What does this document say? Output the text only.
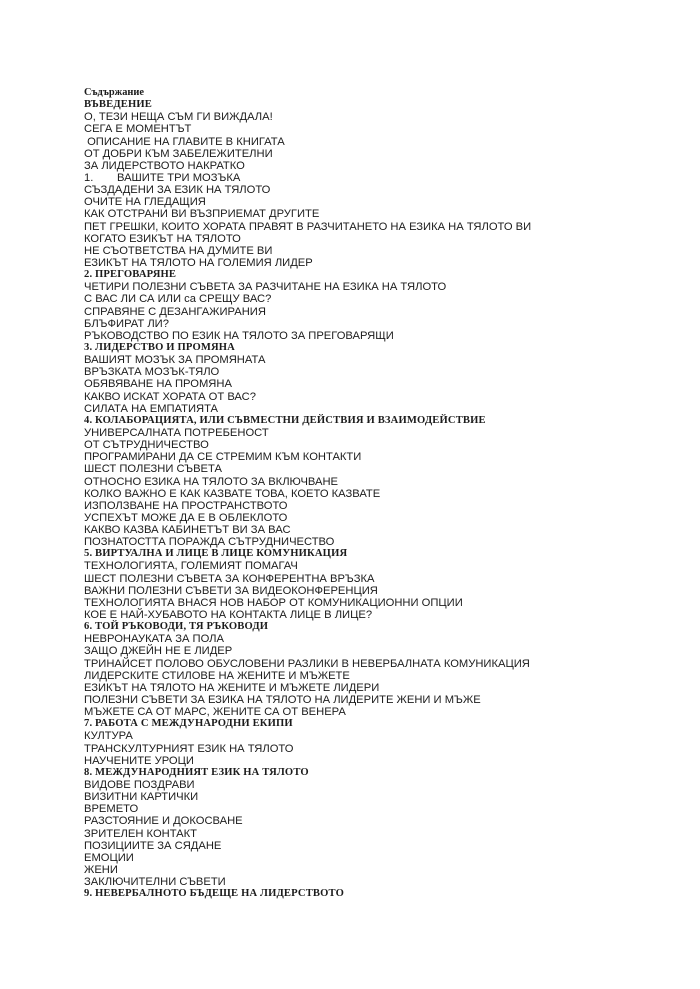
Съдържание
ВЪВЕДЕНИЕ
О, ТЕЗИ НЕЩА СЪМ ГИ ВИЖДАЛА!
СЕГА Е МОМЕНТЪТ
ОПИСАНИЕ НА ГЛАВИТЕ В КНИГАТА
ОТ ДОБРИ КЪМ ЗАБЕЛЕЖИТЕЛНИ
ЗА ЛИДЕРСТВОТО НАКРАТКО
1. ВАШИТЕ ТРИ МОЗЪКА
СЪЗДАДЕНИ ЗА ЕЗИК НА ТЯЛОТО
ОЧИТЕ НА ГЛЕДАЩИЯ
КАК ОТСТРАНИ ВИ ВЪЗПРИЕМАТ ДРУГИТЕ
ПЕТ ГРЕШКИ, КОИТО ХОРАТА ПРАВЯТ В РАЗЧИТАНЕТО НА ЕЗИКА НА ТЯЛОТО ВИ
КОГАТО ЕЗИКЪТ НА ТЯЛОТО
НЕ СЪОТВЕТСТВА НА ДУМИТЕ ВИ
ЕЗИКЪТ НА ТЯЛОТО НА ГОЛЕМИЯ ЛИДЕР
2. ПРЕГОВАРЯНЕ
ЧЕТИРИ ПОЛЕЗНИ СЪВЕТА ЗА РАЗЧИТАНЕ НА ЕЗИКА НА ТЯЛОТО
С ВАС ЛИ СА ИЛИ са СРЕЩУ ВАС?
СПРАВЯНЕ С ДЕЗАНГАЖИРАНИЯ
БЛЪФИРАТ ЛИ?
РЪКОВОДСТВО ПО ЕЗИК НА ТЯЛОТО ЗА ПРЕГОВАРЯЩИ
3. ЛИДЕРСТВО И ПРОМЯНА
ВАШИЯТ МОЗЪК ЗА ПРОМЯНАТА
ВРЪЗКАТА МОЗЪК-ТЯЛО
ОБЯВЯВАНЕ НА ПРОМЯНА
КАКВО ИСКАТ ХОРАТА ОТ ВАС?
СИЛАТА НА ЕМПАТИЯТА
4. КОЛАБОРАЦИЯТА, ИЛИ СЪВМЕСТНИ ДЕЙСТВИЯ И ВЗАИМОДЕЙСТВИЕ
УНИВЕРСАЛНАТА ПОТРЕБЕНОСТ
ОТ СЪТРУДНИЧЕСТВО
ПРОГРАМИРАНИ ДА СЕ СТРЕМИМ КЪМ КОНТАКТИ
ШЕСТ ПОЛЕЗНИ СЪВЕТА
ОТНОСНО ЕЗИКА НА ТЯЛОТО ЗА ВКЛЮЧВАНЕ
КОЛКО ВАЖНО Е КАК КАЗВАТЕ ТОВА, КОЕТО КАЗВАТЕ
ИЗПОЛЗВАНЕ НА ПРОСТРАНСТВОТО
УСПЕХЪТ МОЖЕ ДА Е В ОБЛЕКЛОТО
КАКВО КАЗВА КАБИНЕТЪТ ВИ ЗА ВАС
ПОЗНАТОСТТА ПОРАЖДА СЪТРУДНИЧЕСТВО
5. ВИРТУАЛНА И ЛИЦЕ В ЛИЦЕ КОМУНИКАЦИЯ
ТЕХНОЛОГИЯТА, ГОЛЕМИЯТ ПОМАГАЧ
ШЕСТ ПОЛЕЗНИ СЪВЕТА ЗА КОНФЕРЕНТНА ВРЪЗКА
ВАЖНИ ПОЛЕЗНИ СЪВЕТИ ЗА ВИДЕОКОНФЕРЕНЦИЯ
ТЕХНОЛОГИЯТА ВНАСЯ НОВ НАБОР ОТ КОМУНИКАЦИОННИ ОПЦИИ
КОЕ Е НАЙ-ХУБАВОТО НА КОНТАКТА ЛИЦЕ В ЛИЦЕ?
6. ТОЙ РЪКОВОДИ, ТЯ РЪКОВОДИ
НЕВРОНАУКАТА ЗА ПОЛА
ЗАЩО ДЖЕЙН НЕ Е ЛИДЕР
ТРИНАЙСЕТ ПОЛОВО ОБУСЛОВЕНИ РАЗЛИКИ В НЕВЕРБАЛНАТА КОМУНИКАЦИЯ
ЛИДЕРСКИТЕ СТИЛОВЕ НА ЖЕНИТЕ И МЪЖЕТЕ
ЕЗИКЪТ НА ТЯЛОТО НА ЖЕНИТЕ И МЪЖЕТЕ ЛИДЕРИ
ПОЛЕЗНИ СЪВЕТИ ЗА ЕЗИКА НА ТЯЛОТО НА ЛИДЕРИТЕ ЖЕНИ И МЪЖЕ
МЪЖЕТЕ СА ОТ МАРС, ЖЕНИТЕ СА ОТ ВЕНЕРА
7. РАБОТА С МЕЖДУНАРОДНИ ЕКИПИ
КУЛТУРА
ТРАНСКУЛТУРНИЯТ ЕЗИК НА ТЯЛОТО
НАУЧЕНИТЕ УРОЦИ
8. МЕЖДУНАРОДНИЯТ ЕЗИК НА ТЯЛОТО
ВИДОВЕ ПОЗДРАВИ
ВИЗИТНИ КАРТИЧКИ
ВРЕМЕТО
РАЗСТОЯНИЕ И ДОКОСВАНЕ
ЗРИТЕЛЕН КОНТАКТ
ПОЗИЦИИТЕ ЗА СЯДАНЕ
ЕМОЦИИ
ЖЕНИ
ЗАКЛЮЧИТЕЛНИ СЪВЕТИ
9. НЕВЕРБАЛНОТО БЪДЕЩЕ НА ЛИДЕРСТВОТО
